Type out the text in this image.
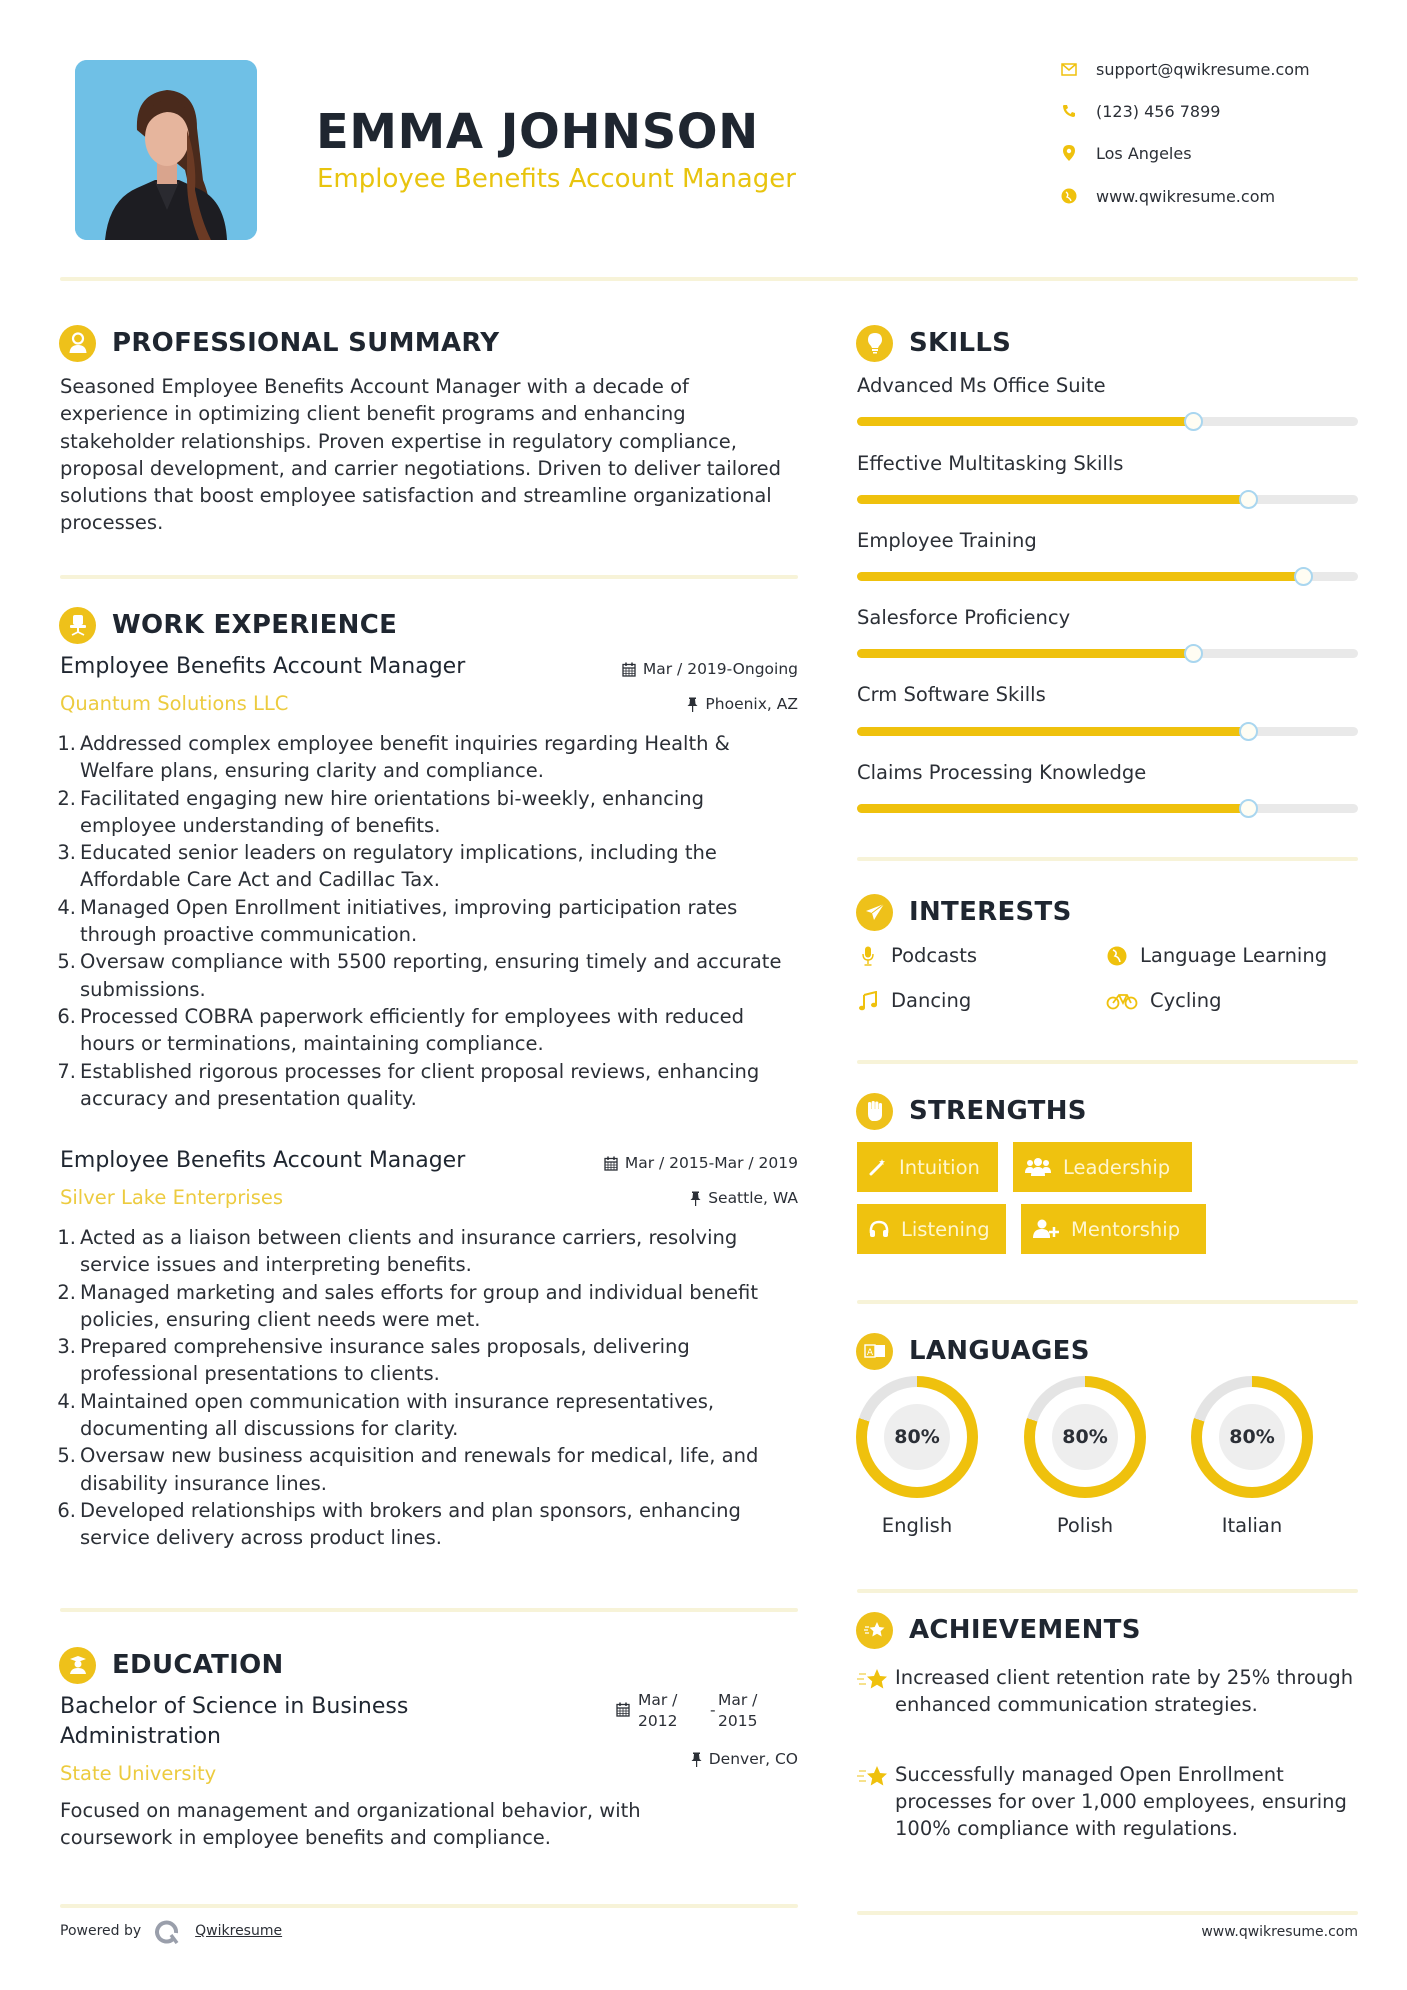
EMMA JOHNSON
Employee Benefits Account Manager
support@qwikresume.com
(123) 456 7899
Los Angeles
www.qwikresume.com
PROFESSIONAL SUMMARY
Seasoned Employee Benefits Account Manager with a decade of experience in optimizing client benefit programs and enhancing stakeholder relationships. Proven expertise in regulatory compliance, proposal development, and carrier negotiations. Driven to deliver tailored solutions that boost employee satisfaction and streamline organizational processes.
WORK EXPERIENCE
Employee Benefits Account Manager	Mar / 2019-Ongoing
Quantum Solutions LLC	Phoenix, AZ
1. Addressed complex employee benefit inquiries regarding Health & Welfare plans, ensuring clarity and compliance.
2. Facilitated engaging new hire orientations bi-weekly, enhancing employee understanding of benefits.
3. Educated senior leaders on regulatory implications, including the Affordable Care Act and Cadillac Tax.
4. Managed Open Enrollment initiatives, improving participation rates through proactive communication.
5. Oversaw compliance with 5500 reporting, ensuring timely and accurate submissions.
6. Processed COBRA paperwork efficiently for employees with reduced hours or terminations, maintaining compliance.
7. Established rigorous processes for client proposal reviews, enhancing accuracy and presentation quality.
Employee Benefits Account Manager	Mar / 2015-Mar / 2019
Silver Lake Enterprises	Seattle, WA
1. Acted as a liaison between clients and insurance carriers, resolving service issues and interpreting benefits.
2. Managed marketing and sales efforts for group and individual benefit policies, ensuring client needs were met.
3. Prepared comprehensive insurance sales proposals, delivering professional presentations to clients.
4. Maintained open communication with insurance representatives, documenting all discussions for clarity.
5. Oversaw new business acquisition and renewals for medical, life, and disability insurance lines.
6. Developed relationships with brokers and plan sponsors, enhancing service delivery across product lines.
EDUCATION
Bachelor of Science in Business Administration
Mar / 2012
-
Mar / 2015
State University
Denver, CO
Focused on management and organizational behavior, with coursework in employee benefits and compliance.
Powered by	Qwikresume
SKILLS
Advanced Ms Office Suite
Effective Multitasking Skills
Employee Training
Salesforce Proficiency
Crm Software Skills
Claims Processing Knowledge
INTERESTS
Podcasts	Language Learning
Dancing	Cycling
STRENGTHS
Intuition	Leadership
Listening	Mentorship
A LANGUAGES
80%
English
80%
Polish
80%
Italian
ACHIEVEMENTS
Increased client retention rate by 25% through enhanced communication strategies.
Successfully managed Open Enrollment processes for over 1,000 employees, ensuring 100% compliance with regulations.
www.qwikresume.com
